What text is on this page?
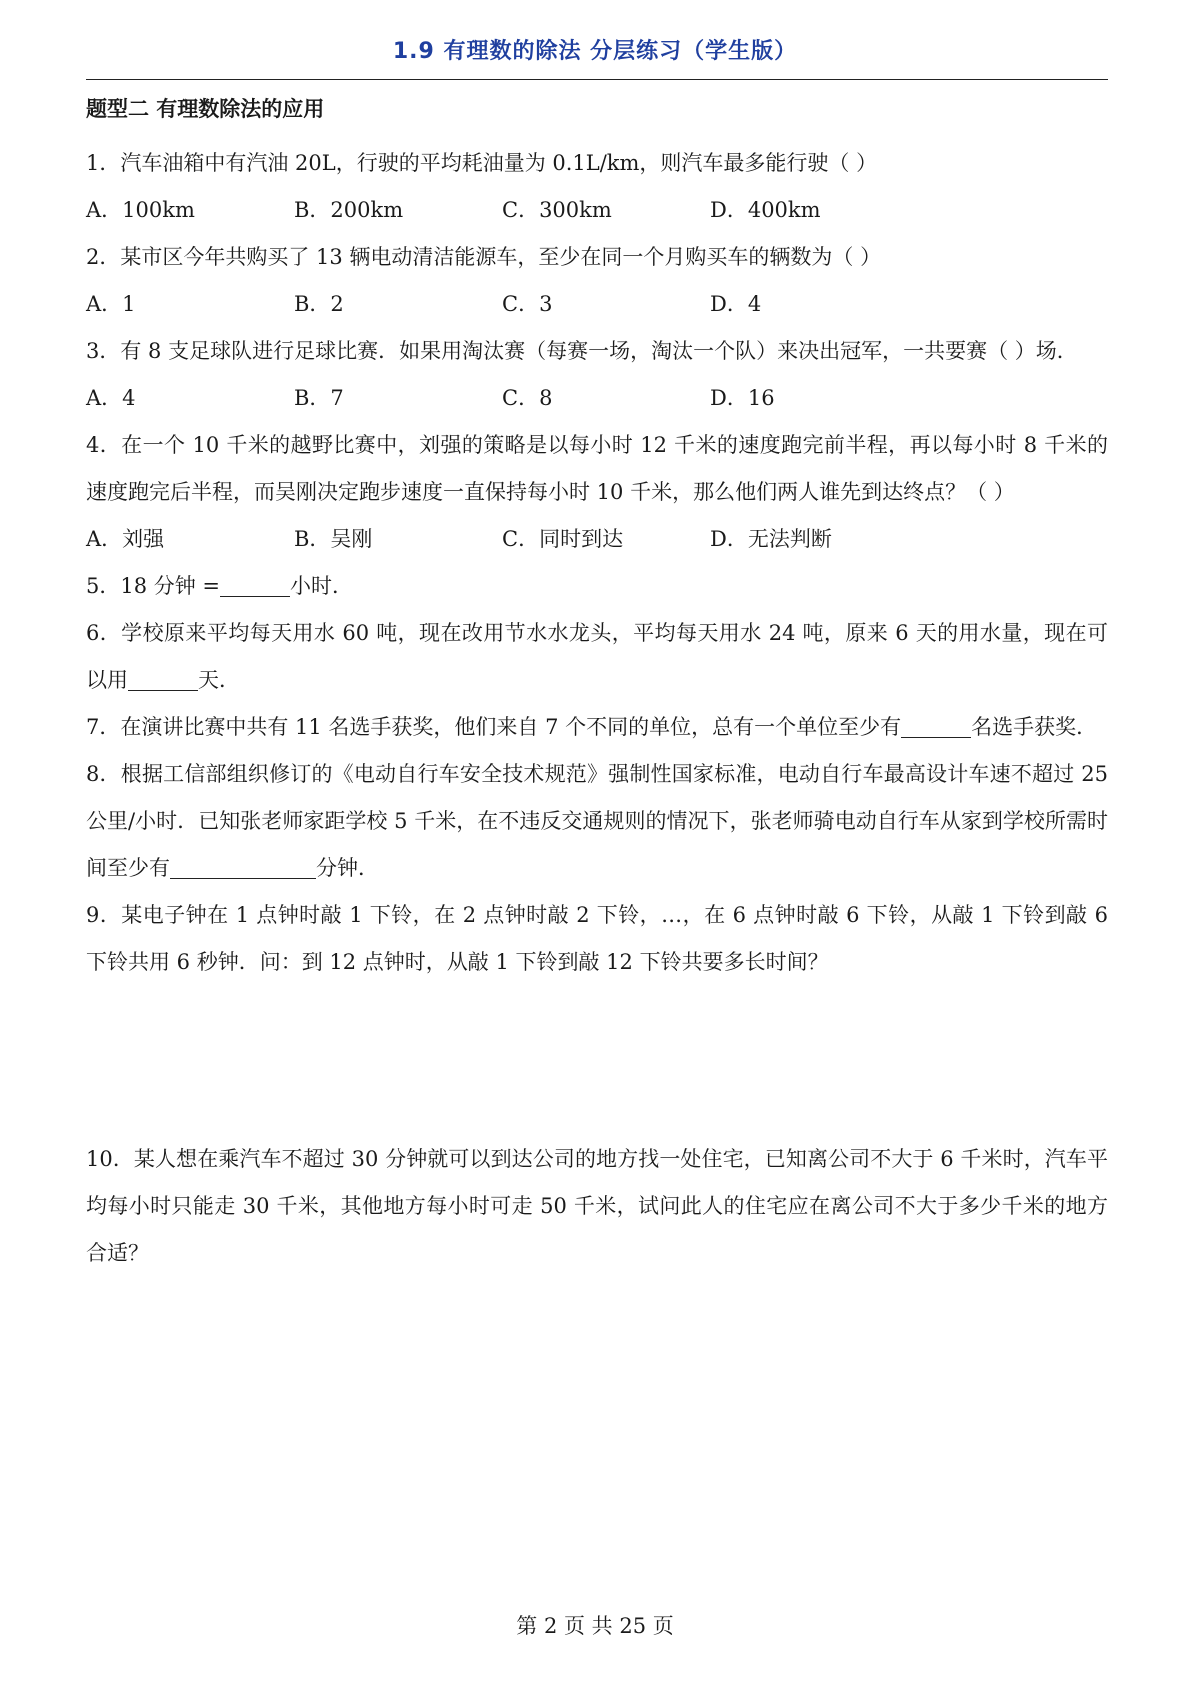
1.9 有理数的除法 分层练习（学生版）
题型二 有理数除法的应用
1．汽车油箱中有汽油 20L，行驶的平均耗油量为 0.1L/km，则汽车最多能行驶（ ）
A．100km	B．200km	C．300km	D．400km
2．某市区今年共购买了 13 辆电动清洁能源车，至少在同一个月购买车的辆数为（ ）
A．1	B．2	C．3	D．4
3．有 8 支足球队进行足球比赛．如果用淘汰赛（每赛一场，淘汰一个队）来决出冠军，一共要赛（ ）场．
A．4	B．7	C．8	D．16
4．在一个 10 千米的越野比赛中，刘强的策略是以每小时 12 千米的速度跑完前半程，再以每小时 8 千米的速度跑完后半程，而吴刚决定跑步速度一直保持每小时 10 千米，那么他们两人谁先到达终点？（ ）
A．刘强	B．吴刚	C．同时到达	D．无法判断
5．18 分钟 =	小时．
6．学校原来平均每天用水 60 吨，现在改用节水水龙头，平均每天用水 24 吨，原来 6 天的用水量，现在可以用	天．
7．在演讲比赛中共有 11 名选手获奖，他们来自 7 个不同的单位，总有一个单位至少有	名选手获奖．
8．根据工信部组织修订的《电动自行车安全技术规范》强制性国家标准，电动自行车最高设计车速不超过 25 公里/小时．已知张老师家距学校 5 千米，在不违反交通规则的情况下，张老师骑电动自行车从家到学校所需时间至少有	分钟．
9．某电子钟在 1 点钟时敲 1 下铃，在 2 点钟时敲 2 下铃，…，在 6 点钟时敲 6 下铃，从敲 1 下铃到敲 6 下铃共用 6 秒钟．问：到 12 点钟时，从敲 1 下铃到敲 12 下铃共要多长时间？
10．某人想在乘汽车不超过 30 分钟就可以到达公司的地方找一处住宅，已知离公司不大于 6 千米时，汽车平均每小时只能走 30 千米，其他地方每小时可走 50 千米，试问此人的住宅应在离公司不大于多少千米的地方合适？
第 2 页 共 25 页
